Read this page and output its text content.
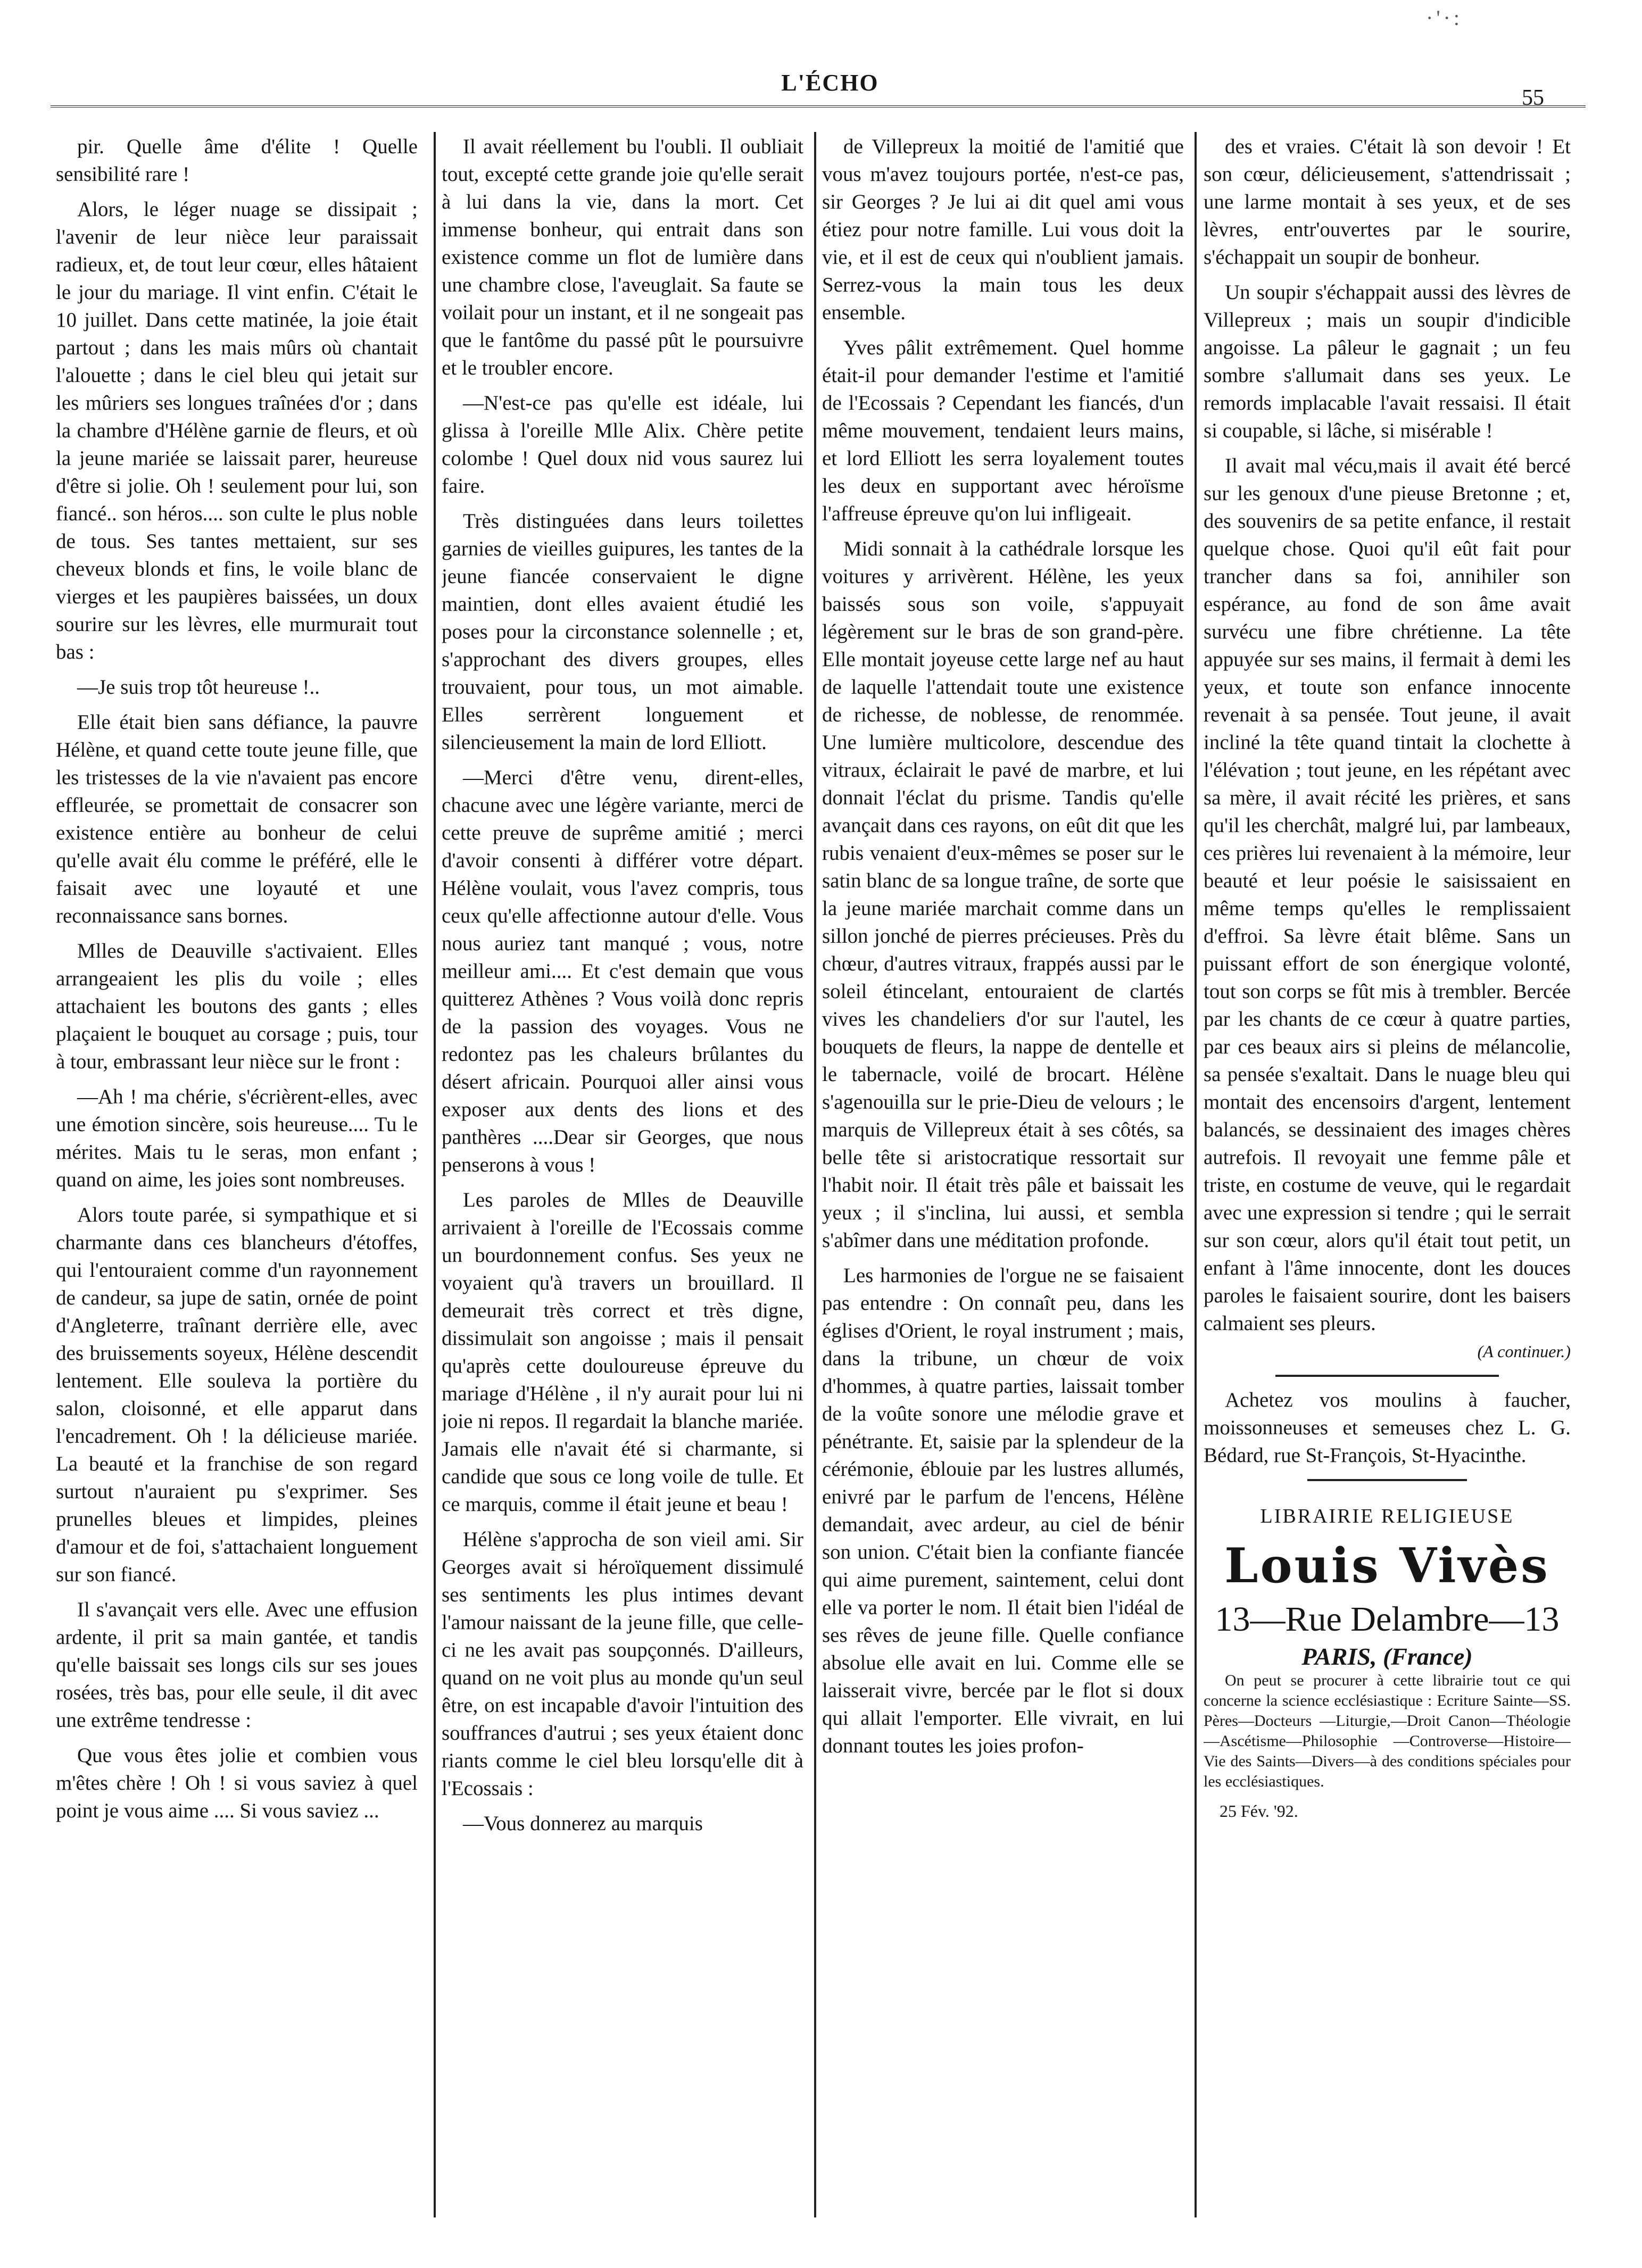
·'·:
L'ÉCHO
55

pir. Quelle âme d'élite ! Quelle sensibilité rare !

Alors, le léger nuage se dissipait ; l'avenir de leur nièce leur paraissait radieux, et, de tout leur cœur, elles hâtaient le jour du mariage. Il vint enfin. C'était le 10 juillet. Dans cette matinée, la joie était partout ; dans les mais mûrs où chantait l'alouette ; dans le ciel bleu qui jetait sur les mûriers ses longues traînées d'or ; dans la chambre d'Hélène garnie de fleurs, et où la jeune mariée se laissait parer, heureuse d'être si jolie. Oh ! seulement pour lui, son fiancé.. son héros.... son culte le plus noble de tous. Ses tantes mettaient, sur ses cheveux blonds et fins, le voile blanc de vierges et les paupières baissées, un doux sourire sur les lèvres, elle murmurait tout bas :

—Je suis trop tôt heureuse !..

Elle était bien sans défiance, la pauvre Hélène, et quand cette toute jeune fille, que les tristesses de la vie n'avaient pas encore effleurée, se promettait de consacrer son existence entière au bonheur de celui qu'elle avait élu comme le préféré, elle le faisait avec une loyauté et une reconnaissance sans bornes.

Mlles de Deauville s'activaient. Elles arrangeaient les plis du voile ; elles attachaient les boutons des gants ; elles plaçaient le bouquet au corsage ; puis, tour à tour, embrassant leur nièce sur le front :

—Ah ! ma chérie, s'écrièrent-elles, avec une émotion sincère, sois heureuse.... Tu le mérites. Mais tu le seras, mon enfant ; quand on aime, les joies sont nombreuses.

Alors toute parée, si sympathique et si charmante dans ces blancheurs d'étoffes, qui l'entouraient comme d'un rayonnement de candeur, sa jupe de satin, ornée de point d'Angleterre, traînant derrière elle, avec des bruissements soyeux, Hélène descendit lentement. Elle souleva la portière du salon, cloisonné, et elle apparut dans l'encadrement. Oh ! la délicieuse mariée. La beauté et la franchise de son regard surtout n'auraient pu s'exprimer. Ses prunelles bleues et limpides, pleines d'amour et de foi, s'attachaient longuement sur son fiancé.

Il s'avançait vers elle. Avec une effusion ardente, il prit sa main gantée, et tandis qu'elle baissait ses longs cils sur ses joues rosées, très bas, pour elle seule, il dit avec une extrême tendresse :

Que vous êtes jolie et combien vous m'êtes chère ! Oh ! si vous saviez à quel point je vous aime .... Si vous saviez ...

Il avait réellement bu l'oubli. Il oubliait tout, excepté cette grande joie qu'elle serait à lui dans la vie, dans la mort. Cet immense bonheur, qui entrait dans son existence comme un flot de lumière dans une chambre close, l'aveuglait. Sa faute se voilait pour un instant, et il ne songeait pas que le fantôme du passé pût le poursuivre et le troubler encore.

—N'est-ce pas qu'elle est idéale, lui glissa à l'oreille Mlle Alix. Chère petite colombe ! Quel doux nid vous saurez lui faire.

Très distinguées dans leurs toilettes garnies de vieilles guipures, les tantes de la jeune fiancée conservaient le digne maintien, dont elles avaient étudié les poses pour la circonstance solennelle ; et, s'approchant des divers groupes, elles trouvaient, pour tous, un mot aimable. Elles serrèrent longuement et silencieusement la main de lord Elliott.

—Merci d'être venu, dirent-elles, chacune avec une légère variante, merci de cette preuve de suprême amitié ; merci d'avoir consenti à différer votre départ. Hélène voulait, vous l'avez compris, tous ceux qu'elle affectionne autour d'elle. Vous nous auriez tant manqué ; vous, notre meilleur ami.... Et c'est demain que vous quitterez Athènes ? Vous voilà donc repris de la passion des voyages. Vous ne redontez pas les chaleurs brûlantes du désert africain. Pourquoi aller ainsi vous exposer aux dents des lions et des panthères ....Dear sir Georges, que nous penserons à vous !

Les paroles de Mlles de Deauville arrivaient à l'oreille de l'Ecossais comme un bourdonnement confus. Ses yeux ne voyaient qu'à travers un brouillard. Il demeurait très correct et très digne, dissimulait son angoisse ; mais il pensait qu'après cette douloureuse épreuve du mariage d'Hélène , il n'y aurait pour lui ni joie ni repos. Il regardait la blanche mariée. Jamais elle n'avait été si charmante, si candide que sous ce long voile de tulle. Et ce marquis, comme il était jeune et beau !

Hélène s'approcha de son vieil ami. Sir Georges avait si héroïquement dissimulé ses sentiments les plus intimes devant l'amour naissant de la jeune fille, que celle-ci ne les avait pas soupçonnés. D'ailleurs, quand on ne voit plus au monde qu'un seul être, on est incapable d'avoir l'intuition des souffrances d'autrui ; ses yeux étaient donc riants comme le ciel bleu lorsqu'elle dit à l'Ecossais :

—Vous donnerez au marquis

de Villepreux la moitié de l'amitié que vous m'avez toujours portée, n'est-ce pas, sir Georges ? Je lui ai dit quel ami vous étiez pour notre famille. Lui vous doit la vie, et il est de ceux qui n'oublient jamais. Serrez-vous la main tous les deux ensemble.

Yves pâlit extrêmement. Quel homme était-il pour demander l'estime et l'amitié de l'Ecossais ? Cependant les fiancés, d'un même mouvement, tendaient leurs mains, et lord Elliott les serra loyalement toutes les deux en supportant avec héroïsme l'affreuse épreuve qu'on lui infligeait.

Midi sonnait à la cathédrale lorsque les voitures y arrivèrent. Hélène, les yeux baissés sous son voile, s'appuyait légèrement sur le bras de son grand-père. Elle montait joyeuse cette large nef au haut de laquelle l'attendait toute une existence de richesse, de noblesse, de renommée. Une lumière multicolore, descendue des vitraux, éclairait le pavé de marbre, et lui donnait l'éclat du prisme. Tandis qu'elle avançait dans ces rayons, on eût dit que les rubis venaient d'eux-mêmes se poser sur le satin blanc de sa longue traîne, de sorte que la jeune mariée marchait comme dans un sillon jonché de pierres précieuses. Près du chœur, d'autres vitraux, frappés aussi par le soleil étincelant, entouraient de clartés vives les chandeliers d'or sur l'autel, les bouquets de fleurs, la nappe de dentelle et le tabernacle, voilé de brocart. Hélène s'agenouilla sur le prie-Dieu de velours ; le marquis de Villepreux était à ses côtés, sa belle tête si aristocratique ressortait sur l'habit noir. Il était très pâle et baissait les yeux ; il s'inclina, lui aussi, et sembla s'abîmer dans une méditation profonde.

Les harmonies de l'orgue ne se faisaient pas entendre : On connaît peu, dans les églises d'Orient, le royal instrument ; mais, dans la tribune, un chœur de voix d'hommes, à quatre parties, laissait tomber de la voûte sonore une mélodie grave et pénétrante. Et, saisie par la splendeur de la cérémonie, éblouie par les lustres allumés, enivré par le parfum de l'encens, Hélène demandait, avec ardeur, au ciel de bénir son union. C'était bien la confiante fiancée qui aime purement, saintement, celui dont elle va porter le nom. Il était bien l'idéal de ses rêves de jeune fille. Quelle confiance absolue elle avait en lui. Comme elle se laisserait vivre, bercée par le flot si doux qui allait l'emporter. Elle vivrait, en lui donnant toutes les joies profon-

des et vraies. C'était là son devoir ! Et son cœur, délicieusement, s'attendrissait ; une larme montait à ses yeux, et de ses lèvres, entr'ouvertes par le sourire, s'échappait un soupir de bonheur.

Un soupir s'échappait aussi des lèvres de Villepreux ; mais un soupir d'indicible angoisse. La pâleur le gagnait ; un feu sombre s'allumait dans ses yeux. Le remords implacable l'avait ressaisi. Il était si coupable, si lâche, si misérable !

Il avait mal vécu,mais il avait été bercé sur les genoux d'une pieuse Bretonne ; et, des souvenirs de sa petite enfance, il restait quelque chose. Quoi qu'il eût fait pour trancher dans sa foi, annihiler son espérance, au fond de son âme avait survécu une fibre chrétienne. La tête appuyée sur ses mains, il fermait à demi les yeux, et toute son enfance innocente revenait à sa pensée. Tout jeune, il avait incliné la tête quand tintait la clochette à l'élévation ; tout jeune, en les répétant avec sa mère, il avait récité les prières, et sans qu'il les cherchât, malgré lui, par lambeaux, ces prières lui revenaient à la mémoire, leur beauté et leur poésie le saisissaient en même temps qu'elles le remplissaient d'effroi. Sa lèvre était blême. Sans un puissant effort de son énergique volonté, tout son corps se fût mis à trembler. Bercée par les chants de ce cœur à quatre parties, par ces beaux airs si pleins de mélancolie, sa pensée s'exaltait. Dans le nuage bleu qui montait des encensoirs d'argent, lentement balancés, se dessinaient des images chères autrefois. Il revoyait une femme pâle et triste, en costume de veuve, qui le regardait avec une expression si tendre ; qui le serrait sur son cœur, alors qu'il était tout petit, un enfant à l'âme innocente, dont les douces paroles le faisaient sourire, dont les baisers calmaient ses pleurs.

(A continuer.)

Achetez vos moulins à faucher, moissonneuses et semeuses chez L. G. Bédard, rue St-François, St-Hyacinthe.

LIBRAIRIE RELIGIEUSE
Louis Vivès
13—Rue Delambre—13
PARIS, (France)

On peut se procurer à cette librairie tout ce qui concerne la science ecclésiastique : Ecriture Sainte—SS. Pères—Docteurs —Liturgie,—Droit Canon—Théologie—Ascétisme—Philosophie —Controverse—Histoire—Vie des Saints—Divers—à des conditions spéciales pour les ecclésiastiques.

25 Fév. '92.
